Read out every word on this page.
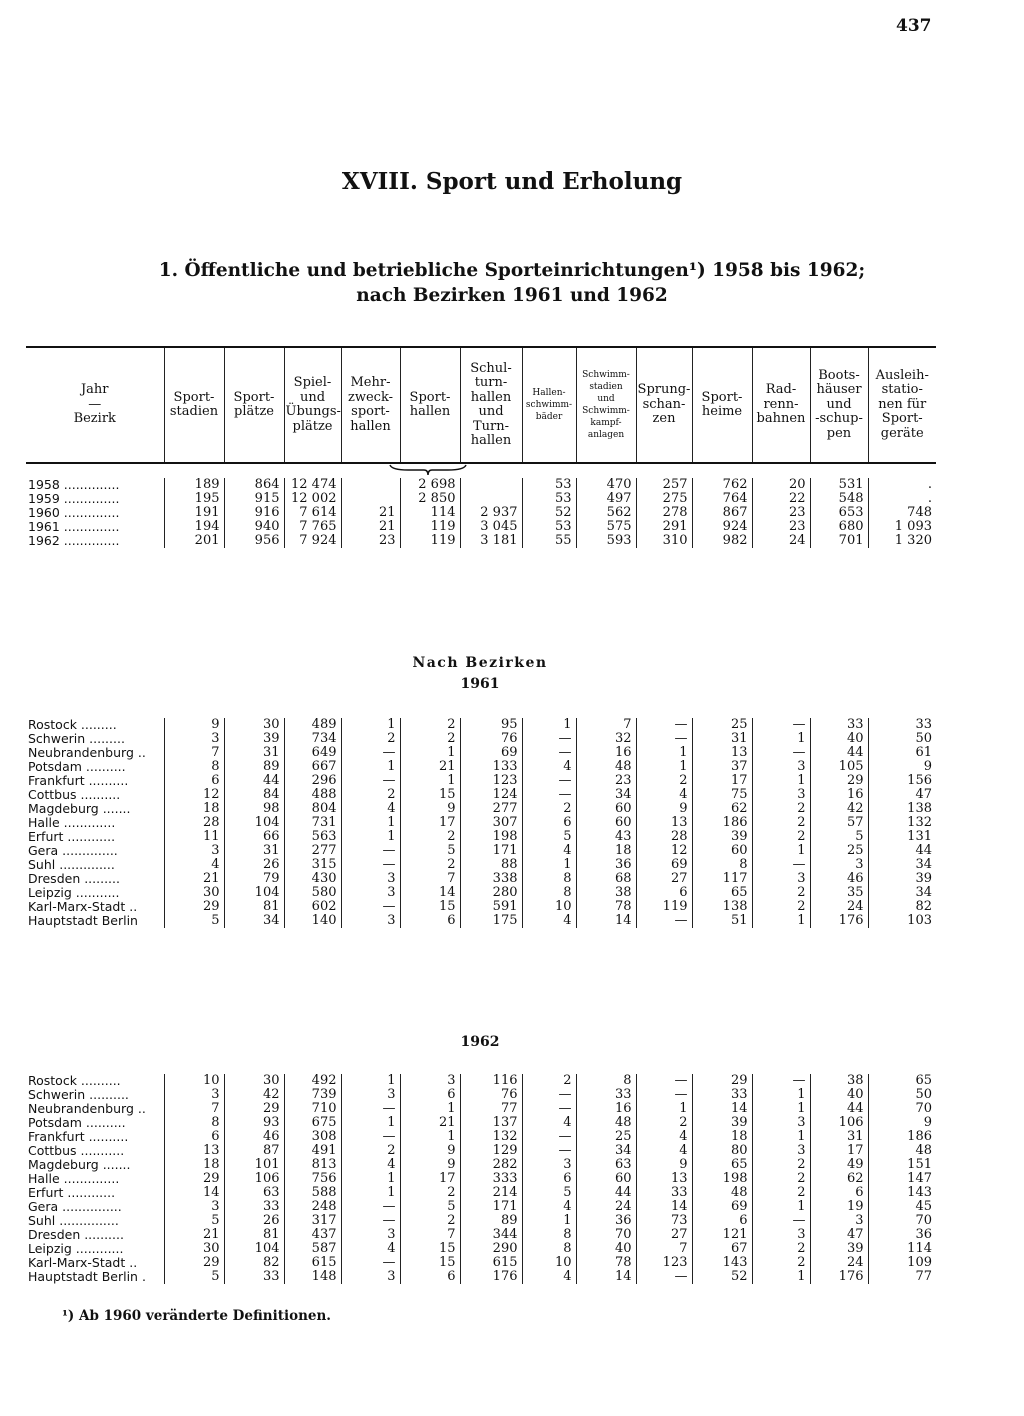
437
XVIII. Sport und Erholung
1. Öffentliche und betriebliche Sporteinrichtungen¹) 1958 bis 1962;
nach Bezirken 1961 und 1962
Jahr
—
Bezirk
	Sport-
stadien	Sport-
plätze	Spiel-
und
Übungs-
plätze	Mehr-
zweck-
sport-
hallen	Sport-
hallen	Schul-
turn-
hallen
und
Turn-
hallen	Hallen-
schwimm-
bäder	Schwimm-
stadien
und
Schwimm-
kampf-
anlagen	Sprung-
schan-
zen	Sport-
heime	Rad-
renn-
bahnen	Boots-
häuser
und
-schup-
pen	Ausleih-
statio-
nen für
Sport-
geräte
1958 ..............	189	864	12 474		2 698		53	470	257	762	20	531	.
1959 ..............	195	915	12 002		2 850		53	497	275	764	22	548	.
1960 ..............	191	916	7 614	21	114	2 937	52	562	278	867	23	653	748
1961 ..............	194	940	7 765	21	119	3 045	53	575	291	924	23	680	1 093
1962 ..............	201	956	7 924	23	119	3 181	55	593	310	982	24	701	1 320
Nach Bezirken
1961
Rostock .........	9	30	489	1	2	95	1	7	—	25	—	33	33
Schwerin .........	3	39	734	2	2	76	—	32	—	31	1	40	50
Neubrandenburg ..	7	31	649	—	1	69	—	16	1	13	—	44	61
Potsdam ..........	8	89	667	1	21	133	4	48	1	37	3	105	9
Frankfurt ..........	6	44	296	—	1	123	—	23	2	17	1	29	156
Cottbus ..........	12	84	488	2	15	124	—	34	4	75	3	16	47
Magdeburg .......	18	98	804	4	9	277	2	60	9	62	2	42	138
Halle .............	28	104	731	1	17	307	6	60	13	186	2	57	132
Erfurt ............	11	66	563	1	2	198	5	43	28	39	2	5	131
Gera ..............	3	31	277	—	5	171	4	18	12	60	1	25	44
Suhl ..............	4	26	315	—	2	88	1	36	69	8	—	3	34
Dresden .........	21	79	430	3	7	338	8	68	27	117	3	46	39
Leipzig ...........	30	104	580	3	14	280	8	38	6	65	2	35	34
Karl-Marx-Stadt ..	29	81	602	—	15	591	10	78	119	138	2	24	82
Hauptstadt Berlin	5	34	140	3	6	175	4	14	—	51	1	176	103
1962
Rostock ..........	10	30	492	1	3	116	2	8	—	29	—	38	65
Schwerin ..........	3	42	739	3	6	76	—	33	—	33	1	40	50
Neubrandenburg ..	7	29	710	—	1	77	—	16	1	14	1	44	70
Potsdam ..........	8	93	675	1	21	137	4	48	2	39	3	106	9
Frankfurt ..........	6	46	308	—	1	132	—	25	4	18	1	31	186
Cottbus ...........	13	87	491	2	9	129	—	34	4	80	3	17	48
Magdeburg .......	18	101	813	4	9	282	3	63	9	65	2	49	151
Halle ..............	29	106	756	1	17	333	6	60	13	198	2	62	147
Erfurt ............	14	63	588	1	2	214	5	44	33	48	2	6	143
Gera ...............	3	33	248	—	5	171	4	24	14	69	1	19	45
Suhl ...............	5	26	317	—	2	89	1	36	73	6	—	3	70
Dresden ..........	21	81	437	3	7	344	8	70	27	121	3	47	36
Leipzig ............	30	104	587	4	15	290	8	40	7	67	2	39	114
Karl-Marx-Stadt ..	29	82	615	—	15	615	10	78	123	143	2	24	109
Hauptstadt Berlin .	5	33	148	3	6	176	4	14	—	52	1	176	77
¹) Ab 1960 veränderte Definitionen.
